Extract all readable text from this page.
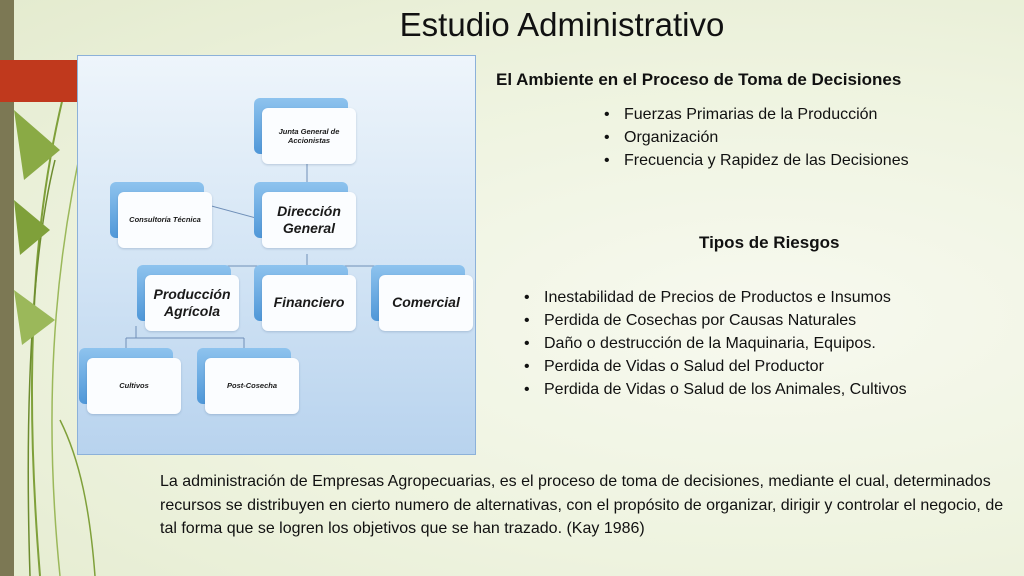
Estudio Administrativo
Junta General de Accionistas
Consultoría Técnica
Dirección General
Producción Agrícola
Financiero	Comercial
Cultivos	Post-Cosecha
El Ambiente en el Proceso de Toma de Decisiones
• Fuerzas Primarias de la Producción
• Organización
• Frecuencia y Rapidez de las Decisiones
Tipos de Riesgos
• Inestabilidad de Precios de Productos e Insumos
• Perdida de Cosechas por Causas Naturales
• Daño o destrucción de la Maquinaria, Equipos.
• Perdida de Vidas o Salud del Productor
• Perdida de Vidas o Salud de los Animales, Cultivos
La administración de Empresas Agropecuarias, es el proceso de toma de decisiones, mediante el cual, determinados recursos se distribuyen en cierto numero de alternativas, con el propósito de organizar, dirigir y controlar el negocio, de tal forma que se logren los objetivos que se han trazado. (Kay 1986)
